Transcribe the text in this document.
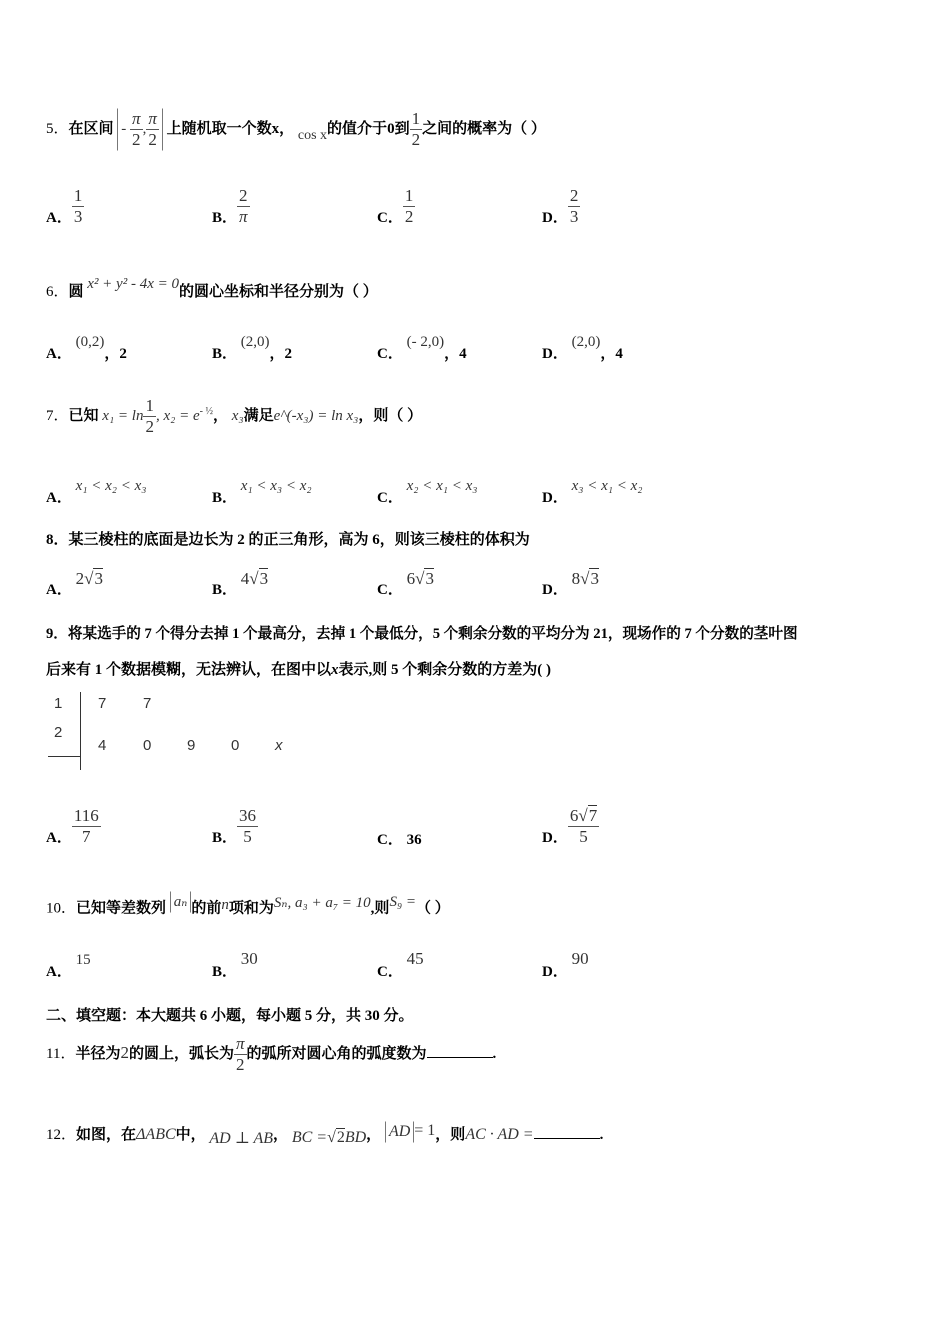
5．在区间 - $\frac{\pi}{2}$ , $\frac{\pi}{2}$ 上随机取一个数x， cos x的值介于0到 $\frac{1}{2}$ 之间的概率为（ ）
A． $\frac{1}{3}$	B． $\frac{2}{\pi}$	C． $\frac{1}{2}$	D． $\frac{2}{3}$
6．圆 x² + y² - 4x = 0的圆心坐标和半径分别为（ ）
A． (0,2)，2	B． (2,0)，2	C． (- 2,0)，4	D． (2,0)，4
7．已知 $x_1 = \ln \frac{1}{2}$ , $x_2 = e^{- \frac{1}{2}}$， x₃满足e^(-x₃) = ln x₃，则（ ）
A． x₁ < x₂ < x₃
B． x₁ < x₃ < x₂
C． x₂ < x₁ < x₃
D． x₃ < x₁ < x₂
8．某三棱柱的底面是边长为 2 的正三角形，高为 6，则该三棱柱的体积为
A． 2√3
B． 4√3
C． 6√3
D． 8√3
9．将某选手的 7 个得分去掉 1 个最高分，去掉 1 个最低分，5 个剩余分数的平均分为 21，现场作的 7 个分数的茎叶图
后来有 1 个数据模糊，无法辨认，在图中以x表示,则 5 个剩余分数的方差为( )
1
2
7 7
4 0 9 0 x
A． $\frac{116}{7}$	B． $\frac{36}{5}$	C． 36	D． $\frac{6√7}{5}$
10．已知等差数列 aₙ 的前n项和为Sₙ, a₃ + a₇ = 10,则S₉ =（ ）
A． 15
B． 30
C． 45
D． 90
二、填空题：本大题共 6 小题，每小题 5 分，共 30 分。
11．半径为2的圆上，弧长为 $\frac{\pi}{2}$ 的弧所对圆心角的弧度数为	.
12．如图，在ΔABC中， AD ⊥ AB， BC =√2BD， AD = 1，则AC · AD =	.
